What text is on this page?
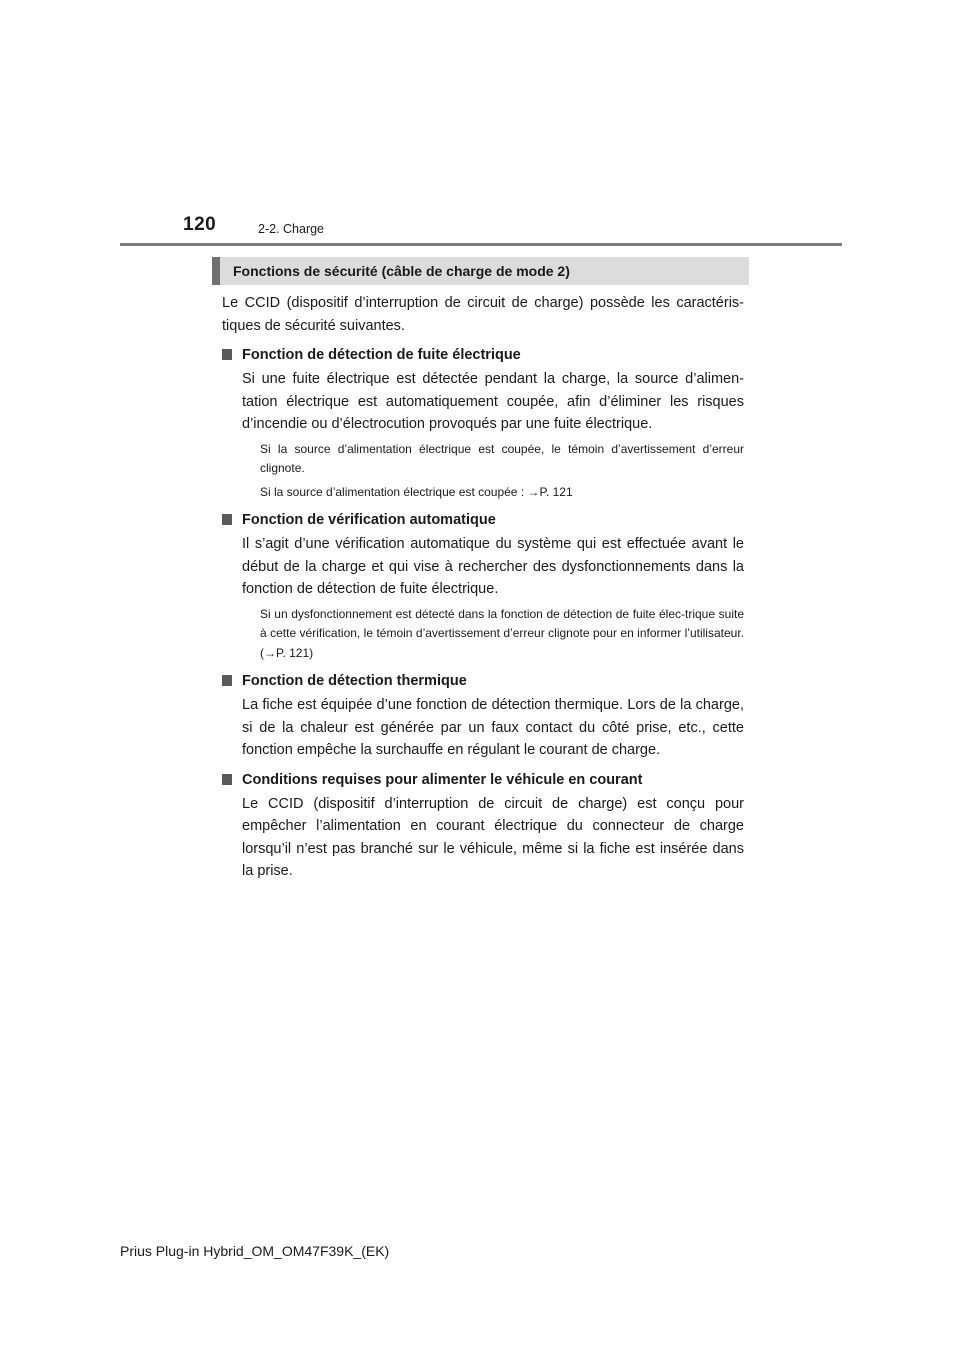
120	2-2. Charge
Fonctions de sécurité (câble de charge de mode 2)

Le CCID (dispositif d’interruption de circuit de charge) possède les caractéris-tiques de sécurité suivantes.

Fonction de détection de fuite électrique

Si une fuite électrique est détectée pendant la charge, la source d’alimen-tation électrique est automatiquement coupée, afin d’éliminer les risques d’incendie ou d’électrocution provoqués par une fuite électrique.

Si la source d’alimentation électrique est coupée, le témoin d’avertissement d’erreur clignote.

Si la source d’alimentation électrique est coupée : →P. 121

Fonction de vérification automatique

Il s’agit d’une vérification automatique du système qui est effectuée avant le début de la charge et qui vise à rechercher des dysfonctionnements dans la fonction de détection de fuite électrique.

Si un dysfonctionnement est détecté dans la fonction de détection de fuite élec-trique suite à cette vérification, le témoin d’avertissement d’erreur clignote pour en informer l’utilisateur. (→P. 121)

Fonction de détection thermique

La fiche est équipée d’une fonction de détection thermique. Lors de la charge, si de la chaleur est générée par un faux contact du côté prise, etc., cette fonction empêche la surchauffe en régulant le courant de charge.

Conditions requises pour alimenter le véhicule en courant

Le CCID (dispositif d’interruption de circuit de charge) est conçu pour empêcher l’alimentation en courant électrique du connecteur de charge lorsqu’il n’est pas branché sur le véhicule, même si la fiche est insérée dans la prise.

Prius Plug-in Hybrid_OM_OM47F39K_(EK)
